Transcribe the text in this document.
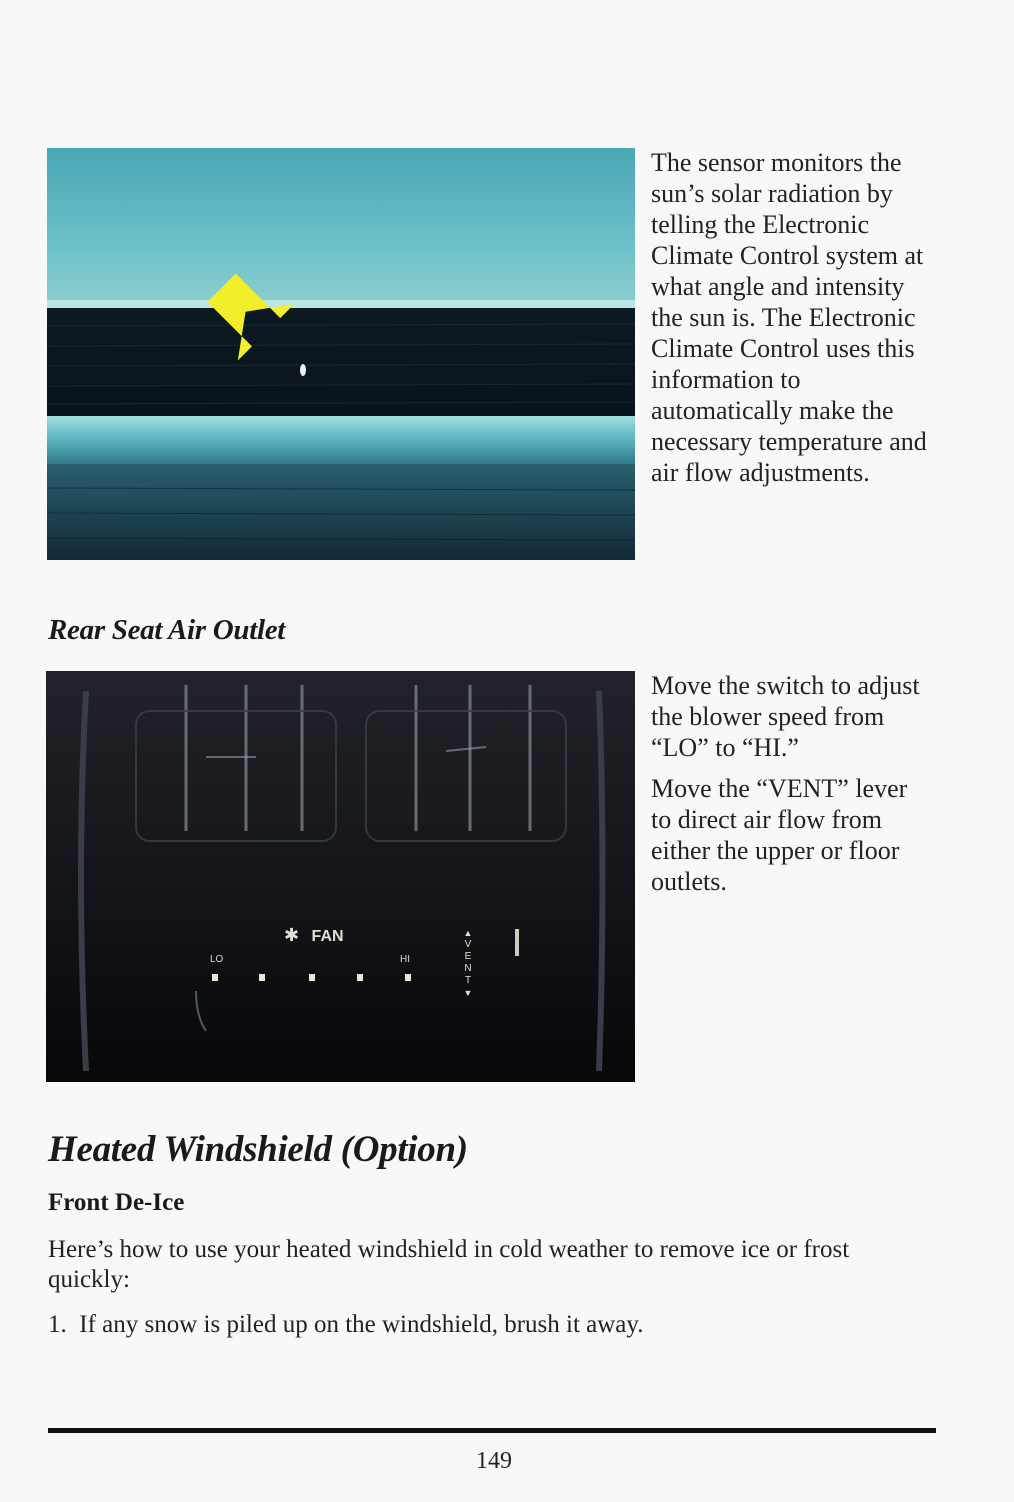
The sensor monitors the sun’s solar radiation by telling the Electronic Climate Control system at what angle and intensity the sun is. The Electronic Climate Control uses this information to automatically make the necessary temperature and air flow adjustments.

Rear Seat Air Outlet
✱ FAN
LO	HI
▲
V
E
N
T
▼

Move the switch to adjust the blower speed from “LO” to “HI.”

Move the “VENT” lever to direct air flow from either the upper or floor outlets.

Heated Windshield (Option)
Front De-Ice
Here’s how to use your heated windshield in cold weather to remove ice or frost quickly:
1.  If any snow is piled up on the windshield, brush it away.
149
